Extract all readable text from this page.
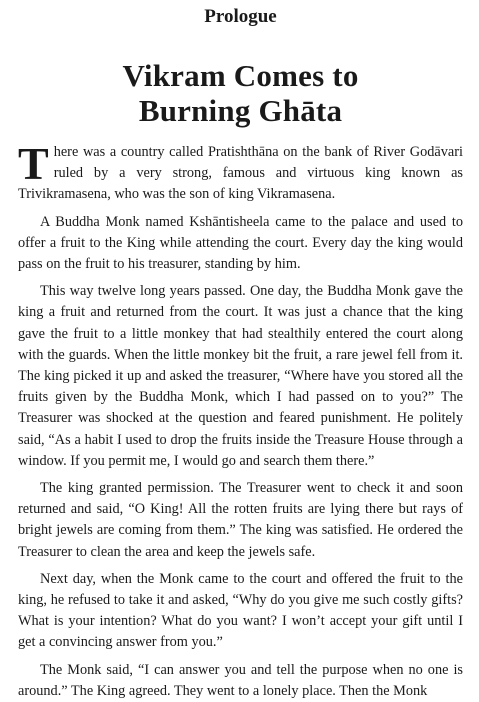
Prologue
Vikram Comes to
Burning Ghāta

There was a country called Pratishthāna on the bank of River Godāvari ruled by a very strong, famous and virtuous king known as Trivikramasena, who was the son of king Vikramasena.

A Buddha Monk named Kshāntisheela came to the palace and used to offer a fruit to the King while attending the court. Every day the king would pass on the fruit to his treasurer, standing by him.

This way twelve long years passed. One day, the Buddha Monk gave the king a fruit and returned from the court. It was just a chance that the king gave the fruit to a little monkey that had stealthily entered the court along with the guards. When the little monkey bit the fruit, a rare jewel fell from it. The king picked it up and asked the treasurer, “Where have you stored all the fruits given by the Buddha Monk, which I had passed on to you?” The Treasurer was shocked at the question and feared punishment. He politely said, “As a habit I used to drop the fruits inside the Treasure House through a window. If you permit me, I would go and search them there.”

The king granted permission. The Treasurer went to check it and soon returned and said, “O King! All the rotten fruits are lying there but rays of bright jewels are coming from them.” The king was satisfied. He ordered the Treasurer to clean the area and keep the jewels safe.

Next day, when the Monk came to the court and offered the fruit to the king, he refused to take it and asked, “Why do you give me such costly gifts? What is your intention? What do you want? I won’t accept your gift until I get a convincing answer from you.”

The Monk said, “I can answer you and tell the purpose when no one is around.” The King agreed. They went to a lonely place. Then the Monk
